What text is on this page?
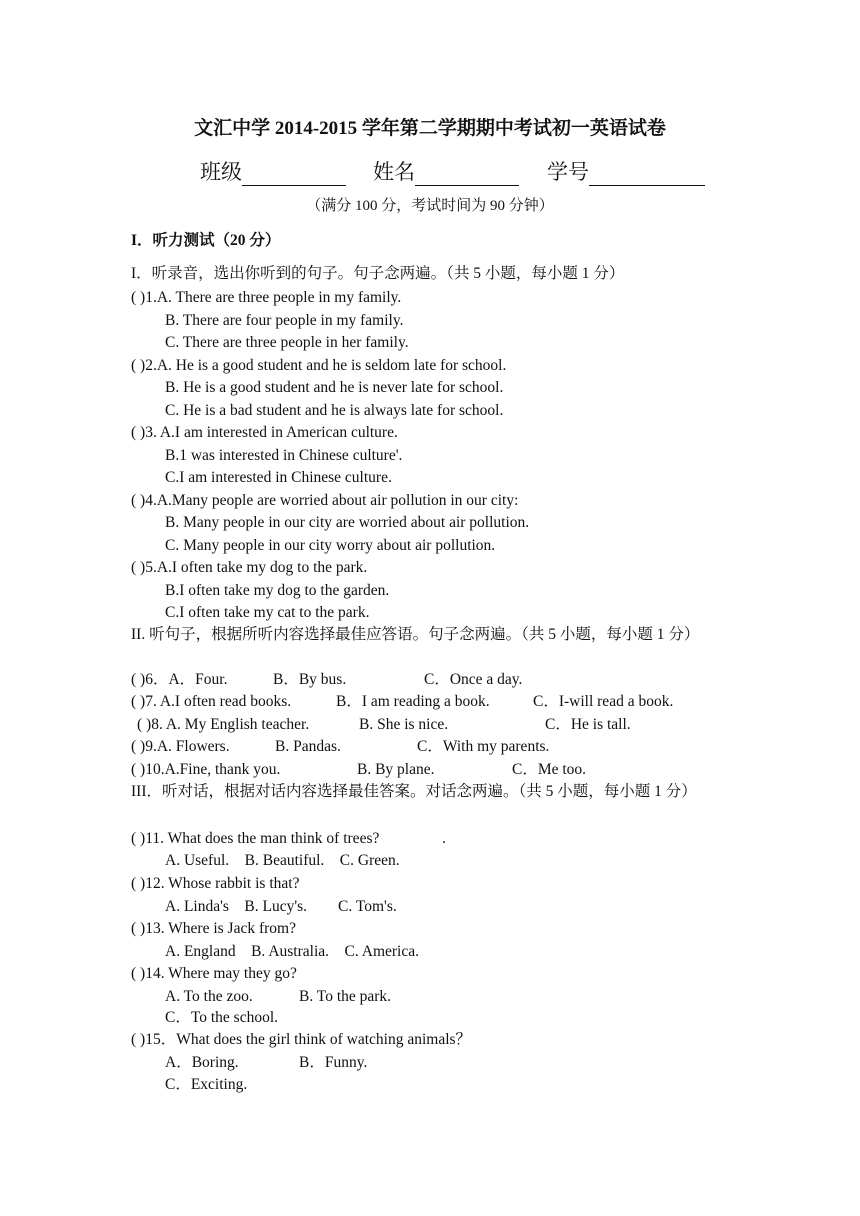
文汇中学 2014-2015 学年第二学期期中考试初一英语试卷
班级	姓名	学号
（满分 100 分，考试时间为 90 分钟）
I．听力测试（20 分）
I．听录音，选出你听到的句子。句子念两遍。（共 5 小题，每小题 1 分）
( )1.A. There are three people in my family.
B. There are four people in my family.
C. There are three people in her family.
( )2.A. He is a good student and he is seldom late for school.
B. He is a good student and he is never late for school.
C. He is a bad student and he is always late for school.
( )3. A.I am interested in American culture.
B.1 was interested in Chinese culture'.
C.I am interested in Chinese culture.
( )4.A.Many people are worried about air pollution in our city:
B. Many people in our city are worried about air pollution.
C. Many people in our city worry about air pollution.
( )5.A.I often take my dog to the park.
B.I often take my dog to the garden.
C.I often take my cat to the park.
II. 听句子，根据所听内容选择最佳应答语。句子念两遍。（共 5 小题，每小题 1 分）
( )6．A．Four.	B．By bus.	C．Once a day.
( )7. A.I often read books.	B．I am reading a book.	C．I-will read a book.
( )8. A. My English teacher.	B. She is nice.	C．He is tall.
( )9.A. Flowers.	B. Pandas.	C．With my parents.
( )10.A.Fine, thank you.	B. By plane.	C．Me too.
III．听对话，根据对话内容选择最佳答案。对话念两遍。（共 5 小题，每小题 1 分）
( )11. What does the man think of trees?	.
A. Useful.    B. Beautiful.    C. Green.
( )12. Whose rabbit is that?
A. Linda's    B. Lucy's.        C. Tom's.
( )13. Where is Jack from?
A. England    B. Australia.    C. America.
( )14. Where may they go?
A. To the zoo.	B. To the park.
C．To the school.
( )15．What does the girl think of watching animals？
A．Boring.	B．Funny.
C．Exciting.
